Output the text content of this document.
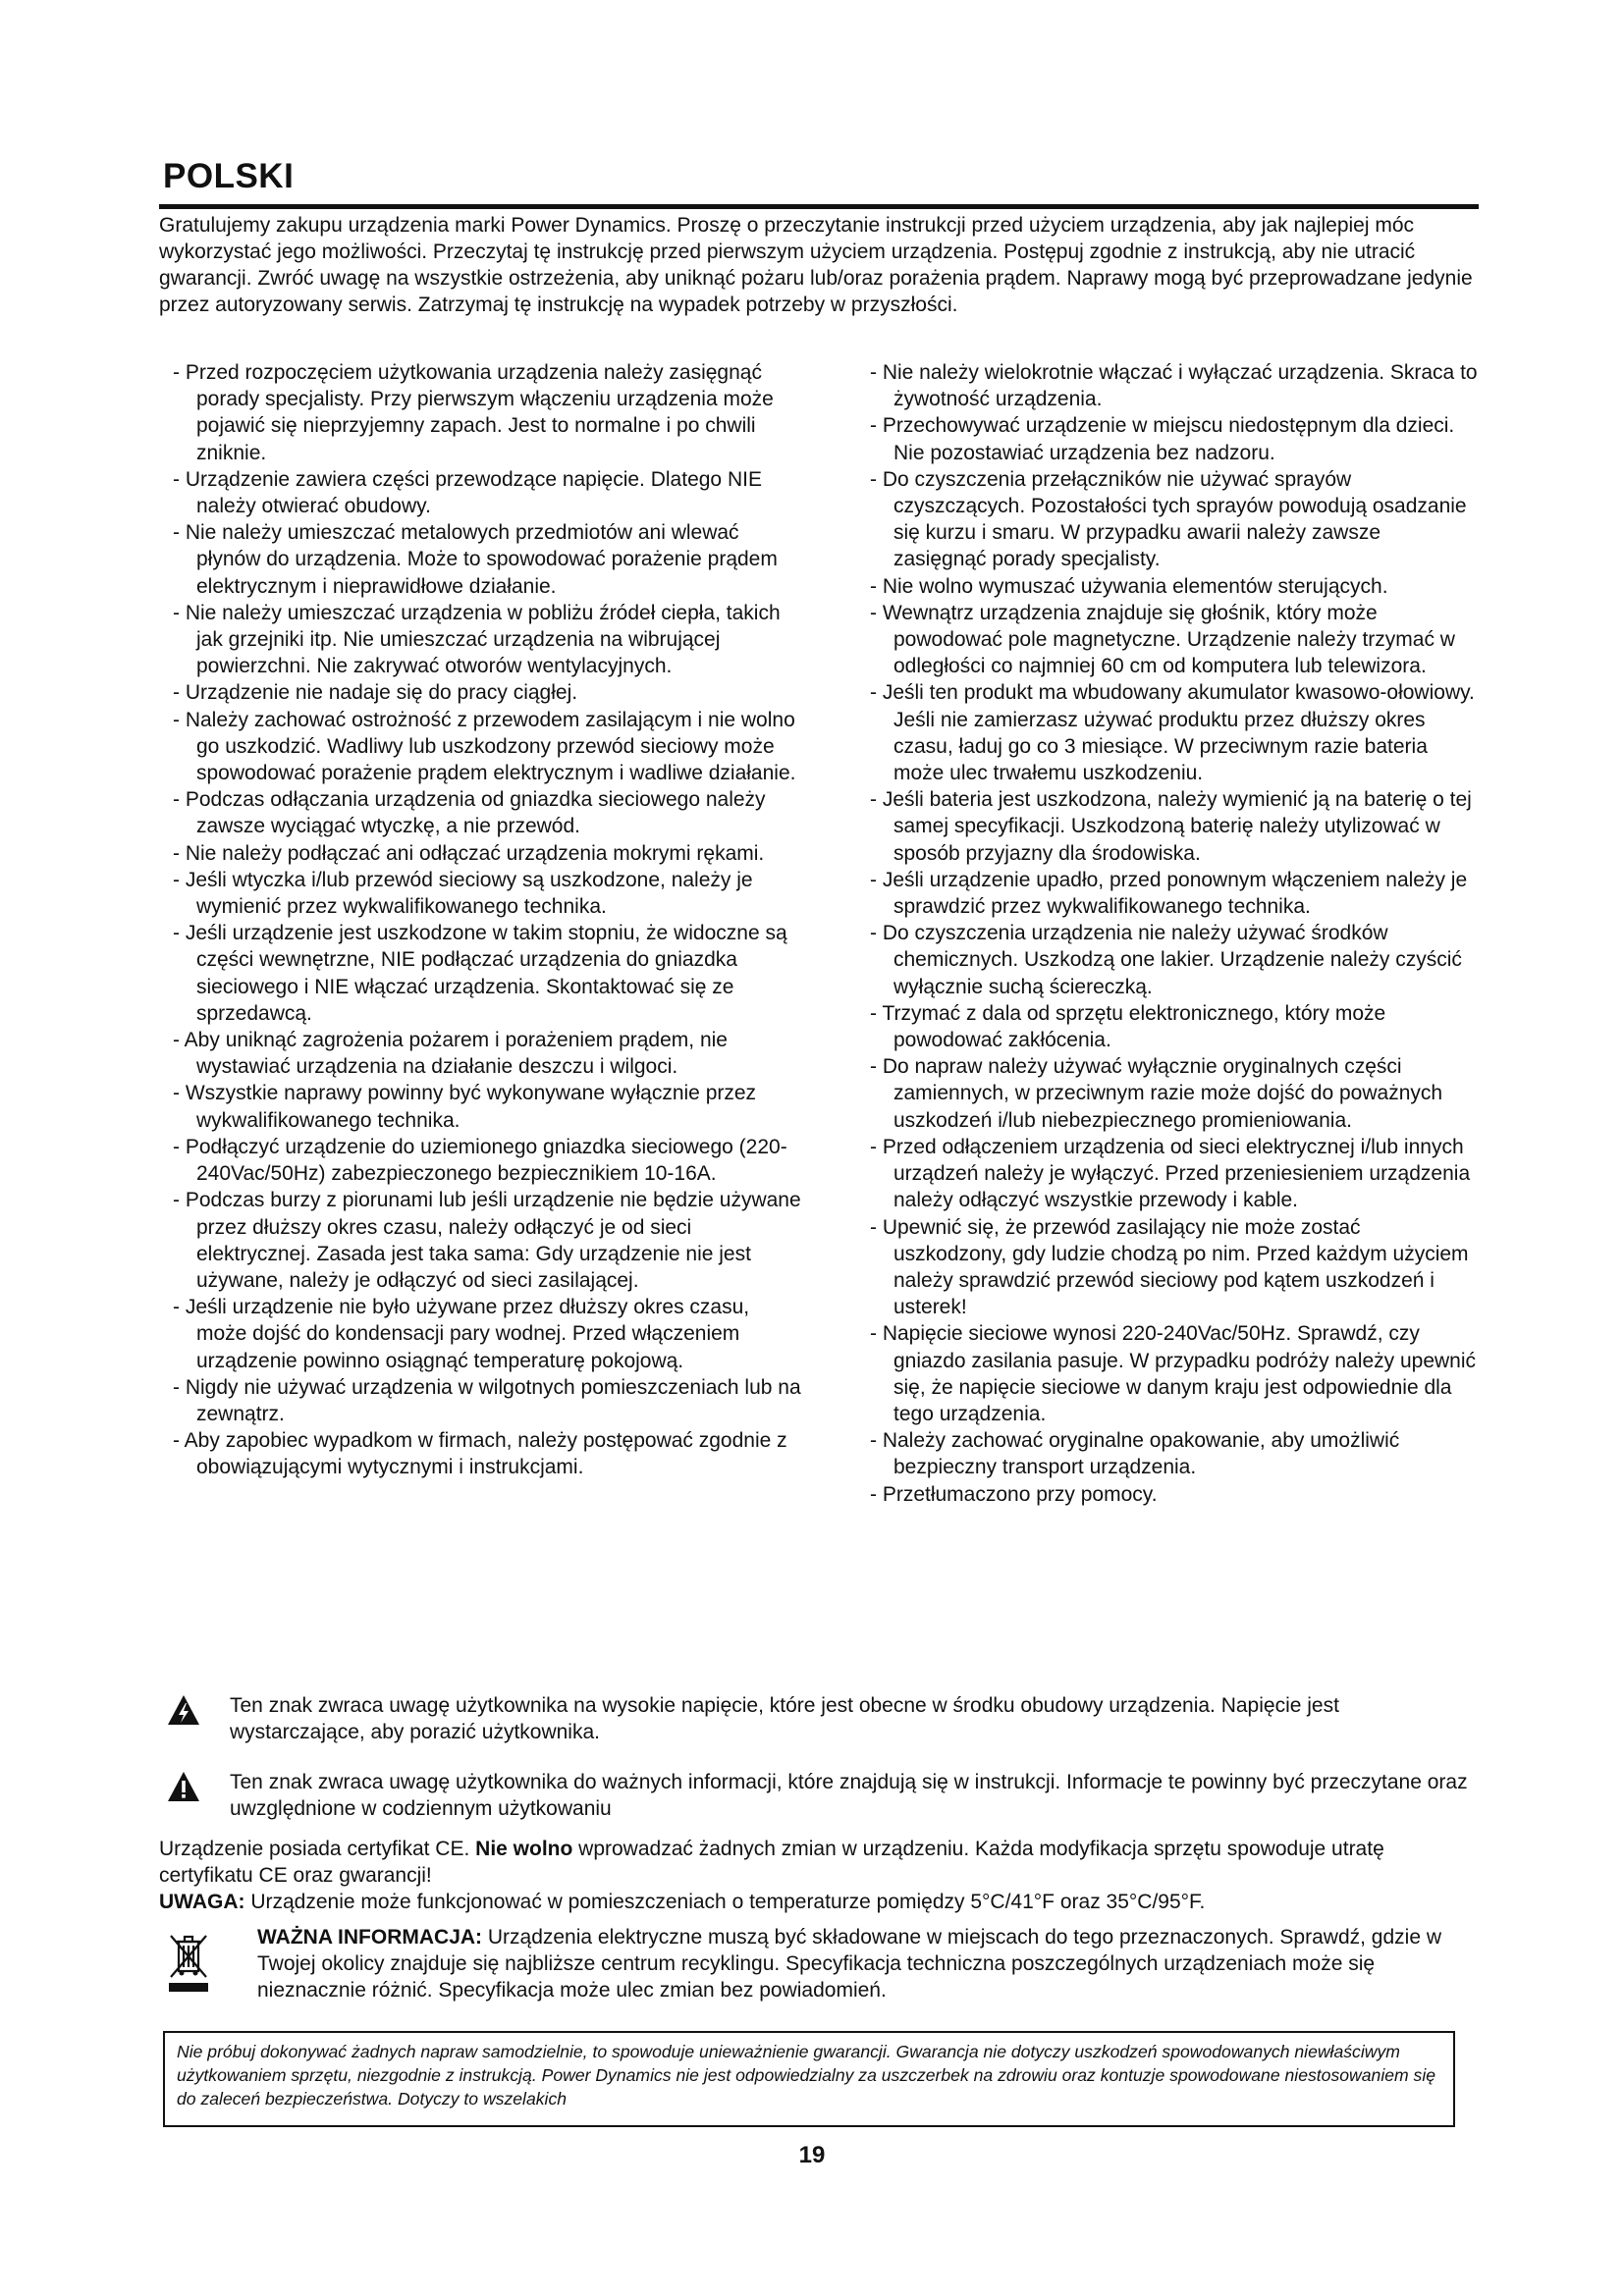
POLSKI

Gratulujemy zakupu urządzenia marki Power Dynamics. Proszę o przeczytanie instrukcji przed użyciem urządzenia, aby jak najlepiej móc wykorzystać jego możliwości. Przeczytaj tę instrukcję przed pierwszym użyciem urządzenia. Postępuj zgodnie z instrukcją, aby nie utracić gwarancji. Zwróć uwagę na wszystkie ostrzeżenia, aby uniknąć pożaru lub/oraz porażenia prądem. Naprawy mogą być przeprowadzane jedynie przez autoryzowany serwis. Zatrzymaj tę instrukcję na wypadek potrzeby w przyszłości.

- Przed rozpoczęciem użytkowania urządzenia należy zasięgnąć porady specjalisty. Przy pierwszym włączeniu urządzenia może pojawić się nieprzyjemny zapach. Jest to normalne i po chwili zniknie.
- Urządzenie zawiera części przewodzące napięcie. Dlatego NIE należy otwierać obudowy.
- Nie należy umieszczać metalowych przedmiotów ani wlewać płynów do urządzenia. Może to spowodować porażenie prądem elektrycznym i nieprawidłowe działanie.
- Nie należy umieszczać urządzenia w pobliżu źródeł ciepła, takich jak grzejniki itp. Nie umieszczać urządzenia na wibrującej powierzchni. Nie zakrywać otworów wentylacyjnych.
- Urządzenie nie nadaje się do pracy ciągłej.
- Należy zachować ostrożność z przewodem zasilającym i nie wolno go uszkodzić. Wadliwy lub uszkodzony przewód sieciowy może spowodować porażenie prądem elektrycznym i wadliwe działanie.
- Podczas odłączania urządzenia od gniazdka sieciowego należy zawsze wyciągać wtyczkę, a nie przewód.
- Nie należy podłączać ani odłączać urządzenia mokrymi rękami.
- Jeśli wtyczka i/lub przewód sieciowy są uszkodzone, należy je wymienić przez wykwalifikowanego technika.
- Jeśli urządzenie jest uszkodzone w takim stopniu, że widoczne są części wewnętrzne, NIE podłączać urządzenia do gniazdka sieciowego i NIE włączać urządzenia. Skontaktować się ze sprzedawcą.
- Aby uniknąć zagrożenia pożarem i porażeniem prądem, nie wystawiać urządzenia na działanie deszczu i wilgoci.
- Wszystkie naprawy powinny być wykonywane wyłącznie przez wykwalifikowanego technika.
- Podłączyć urządzenie do uziemionego gniazdka sieciowego (220-240Vac/50Hz) zabezpieczonego bezpiecznikiem 10-16A.
- Podczas burzy z piorunami lub jeśli urządzenie nie będzie używane przez dłuższy okres czasu, należy odłączyć je od sieci elektrycznej. Zasada jest taka sama: Gdy urządzenie nie jest używane, należy je odłączyć od sieci zasilającej.
- Jeśli urządzenie nie było używane przez dłuższy okres czasu, może dojść do kondensacji pary wodnej. Przed włączeniem urządzenie powinno osiągnąć temperaturę pokojową.
- Nigdy nie używać urządzenia w wilgotnych pomieszczeniach lub na zewnątrz.
- Aby zapobiec wypadkom w firmach, należy postępować zgodnie z obowiązującymi wytycznymi i instrukcjami.
- Nie należy wielokrotnie włączać i wyłączać urządzenia. Skraca to żywotność urządzenia.
- Przechowywać urządzenie w miejscu niedostępnym dla dzieci. Nie pozostawiać urządzenia bez nadzoru.
- Do czyszczenia przełączników nie używać sprayów czyszczących. Pozostałości tych sprayów powodują osadzanie się kurzu i smaru. W przypadku awarii należy zawsze zasięgnąć porady specjalisty.
- Nie wolno wymuszać używania elementów sterujących.
- Wewnątrz urządzenia znajduje się głośnik, który może powodować pole magnetyczne. Urządzenie należy trzymać w odległości co najmniej 60 cm od komputera lub telewizora.
- Jeśli ten produkt ma wbudowany akumulator kwasowo-ołowiowy. Jeśli nie zamierzasz używać produktu przez dłuższy okres czasu, ładuj go co 3 miesiące. W przeciwnym razie bateria może ulec trwałemu uszkodzeniu.
- Jeśli bateria jest uszkodzona, należy wymienić ją na baterię o tej samej specyfikacji. Uszkodzoną baterię należy utylizować w sposób przyjazny dla środowiska.
- Jeśli urządzenie upadło, przed ponownym włączeniem należy je sprawdzić przez wykwalifikowanego technika.
- Do czyszczenia urządzenia nie należy używać środków chemicznych. Uszkodzą one lakier. Urządzenie należy czyścić wyłącznie suchą ściereczką.
- Trzymać z dala od sprzętu elektronicznego, który może powodować zakłócenia.
- Do napraw należy używać wyłącznie oryginalnych części zamiennych, w przeciwnym razie może dojść do poważnych uszkodzeń i/lub niebezpiecznego promieniowania.
- Przed odłączeniem urządzenia od sieci elektrycznej i/lub innych urządzeń należy je wyłączyć. Przed przeniesieniem urządzenia należy odłączyć wszystkie przewody i kable.
- Upewnić się, że przewód zasilający nie może zostać uszkodzony, gdy ludzie chodzą po nim. Przed każdym użyciem należy sprawdzić przewód sieciowy pod kątem uszkodzeń i usterek!
- Napięcie sieciowe wynosi 220-240Vac/50Hz. Sprawdź, czy gniazdo zasilania pasuje. W przypadku podróży należy upewnić się, że napięcie sieciowe w danym kraju jest odpowiednie dla tego urządzenia.
- Należy zachować oryginalne opakowanie, aby umożliwić bezpieczny transport urządzenia.
- Przetłumaczono przy pomocy.
Ten znak zwraca uwagę użytkownika na wysokie napięcie, które jest obecne w środku obudowy urządzenia. Napięcie jest wystarczające, aby porazić użytkownika.
Ten znak zwraca uwagę użytkownika do ważnych informacji, które znajdują się w instrukcji. Informacje te powinny być przeczytane oraz uwzględnione w codziennym użytkowaniu

Urządzenie posiada certyfikat CE. Nie wolno wprowadzać żadnych zmian w urządzeniu. Każda modyfikacja sprzętu spowoduje utratę certyfikatu CE oraz gwarancji!
UWAGA: Urządzenie może funkcjonować w pomieszczeniach o temperaturze pomiędzy 5°C/41°F oraz 35°C/95°F.

WAŻNA INFORMACJA: Urządzenia elektryczne muszą być składowane w miejscach do tego przeznaczonych. Sprawdź, gdzie w Twojej okolicy znajduje się najbliższe centrum recyklingu. Specyfikacja techniczna poszczególnych urządzeniach może się nieznacznie różnić. Specyfikacja może ulec zmian bez powiadomień.
Nie próbuj dokonywać żadnych napraw samodzielnie, to spowoduje unieważnienie gwarancji. Gwarancja nie dotyczy uszkodzeń spowodowanych niewłaściwym użytkowaniem sprzętu, niezgodnie z instrukcją. Power Dynamics nie jest odpowiedzialny za uszczerbek na zdrowiu oraz kontuzje spowodowane niestosowaniem się do zaleceń bezpieczeństwa. Dotyczy to wszelakich
19
